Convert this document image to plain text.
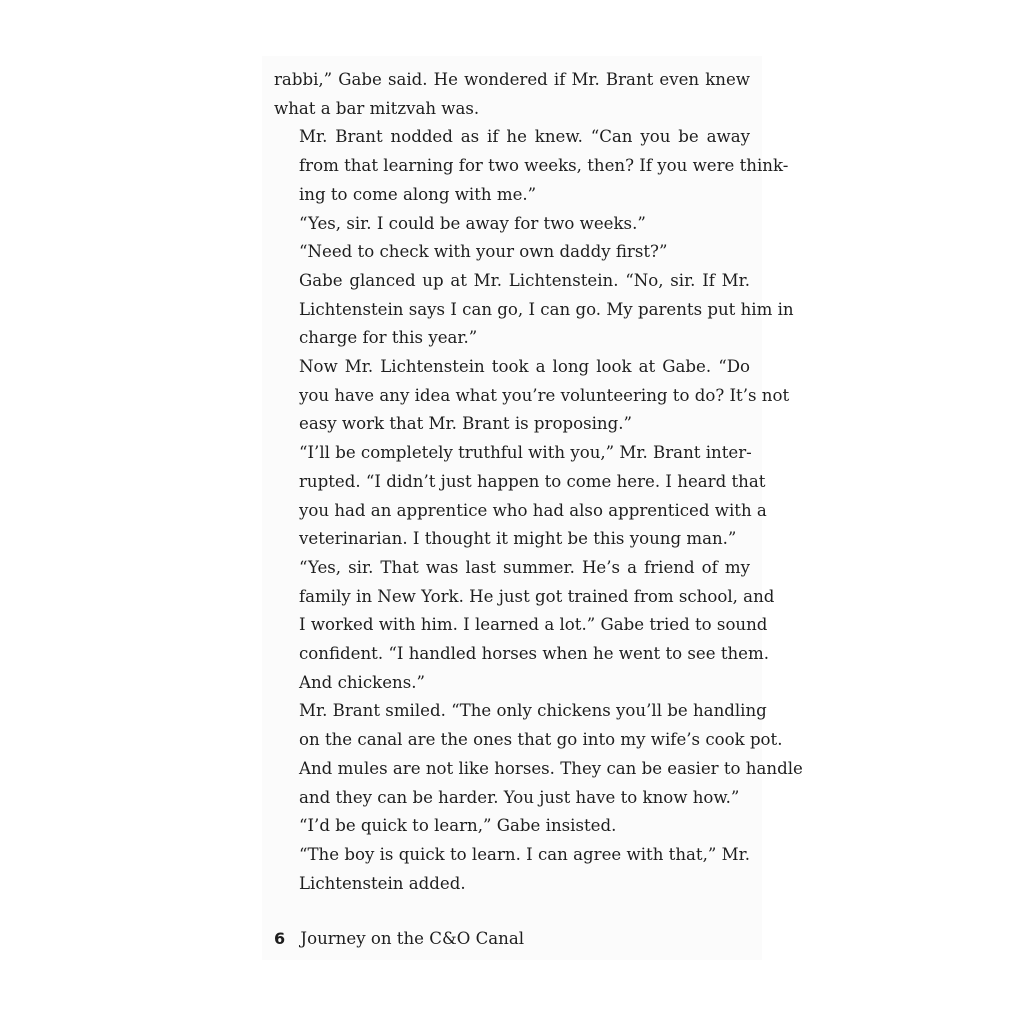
rabbi,” Gabe said. He wondered if Mr. Brant even knew
what a bar mitzvah was.

Mr. Brant nodded as if he knew. “Can you be away
from that learning for two weeks, then? If you were think-
ing to come along with me.”

“Yes, sir. I could be away for two weeks.”

“Need to check with your own daddy first?”

Gabe glanced up at Mr. Lichtenstein. “No, sir. If Mr.
Lichtenstein says I can go, I can go. My parents put him in
charge for this year.”

Now Mr. Lichtenstein took a long look at Gabe. “Do
you have any idea what you’re volunteering to do? It’s not
easy work that Mr. Brant is proposing.”

“I’ll be completely truthful with you,” Mr. Brant inter-
rupted. “I didn’t just happen to come here. I heard that
you had an apprentice who had also apprenticed with a
veterinarian. I thought it might be this young man.”

“Yes, sir. That was last summer. He’s a friend of my
family in New York. He just got trained from school, and
I worked with him. I learned a lot.” Gabe tried to sound
confident. “I handled horses when he went to see them.
And chickens.”

Mr. Brant smiled. “The only chickens you’ll be handling
on the canal are the ones that go into my wife’s cook pot.
And mules are not like horses. They can be easier to handle
and they can be harder. You just have to know how.”

“I’d be quick to learn,” Gabe insisted.

“The boy is quick to learn. I can agree with that,” Mr.
Lichtenstein added.

6 Journey on the C&O Canal
